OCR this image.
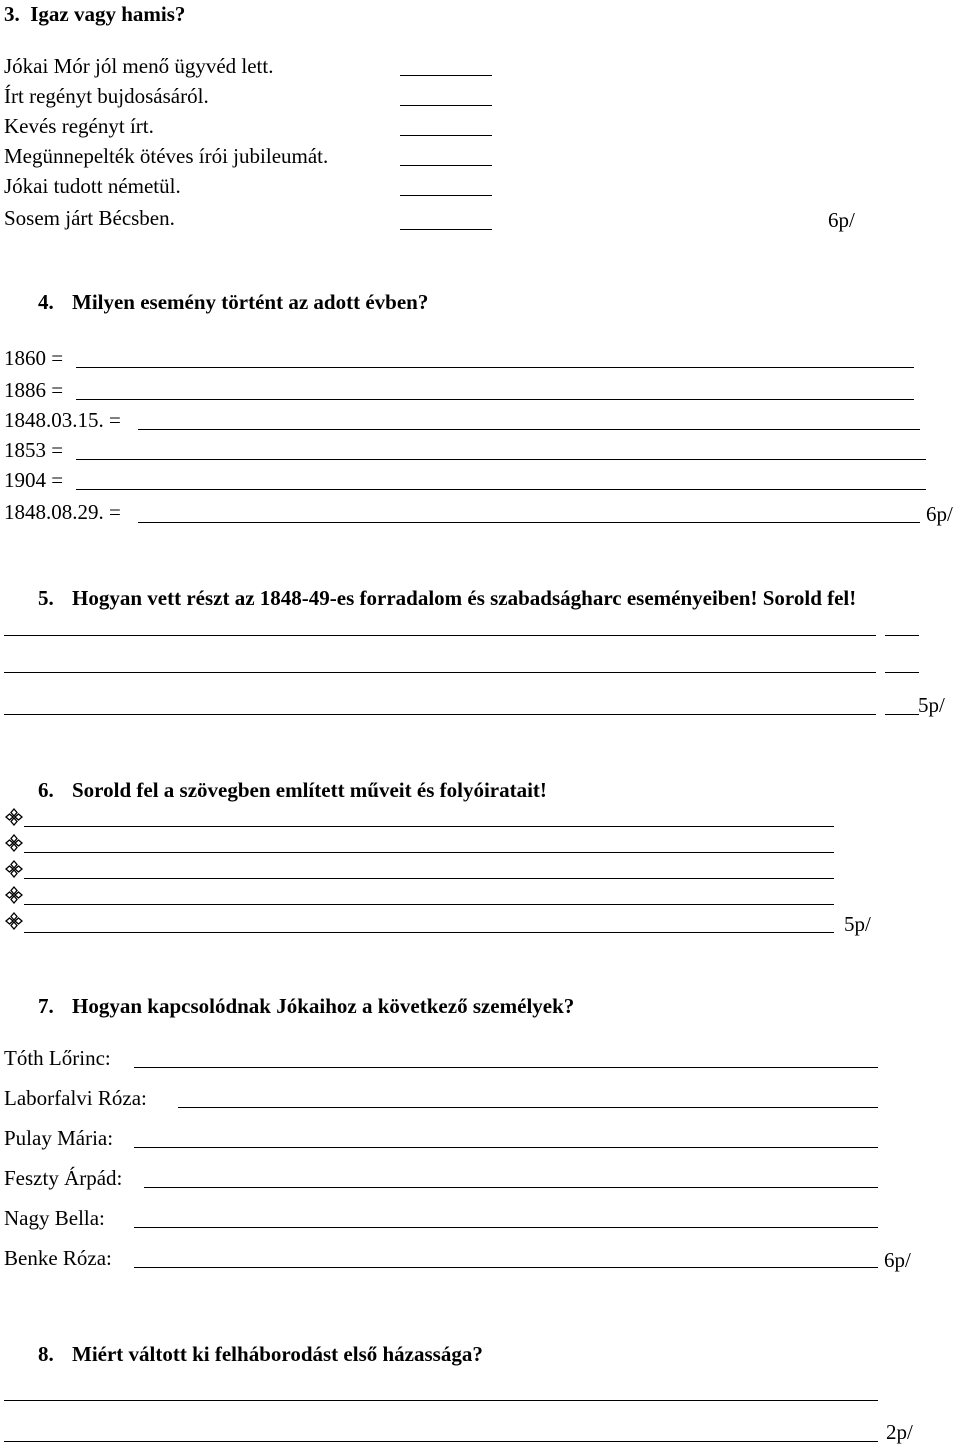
3.  Igaz vagy hamis?
Jókai Mór jól menő ügyvéd lett.
Írt regényt bujdosásáról.
Kevés regényt írt.
Megünnepelték ötéves írói jubileumát.
Jókai tudott németül.
Sosem járt Bécsben.	6p/
4. Milyen esemény történt az adott évben?
1860 =
1886 =
1848.03.15. =
1853 =
1904 =
1848.08.29. =	6p/
5. Hogyan vett részt az 1848-49-es forradalom és szabadságharc eseményeiben! Sorold fel!
5p/
6. Sorold fel a szövegben említett műveit és folyóiratait!
5p/
7. Hogyan kapcsolódnak Jókaihoz a következő személyek?
Tóth Lőrinc:
Laborfalvi Róza:
Pulay Mária:
Feszty Árpád:
Nagy Bella:
Benke Róza:	6p/
8. Miért váltott ki felháborodást első házassága?
2p/
